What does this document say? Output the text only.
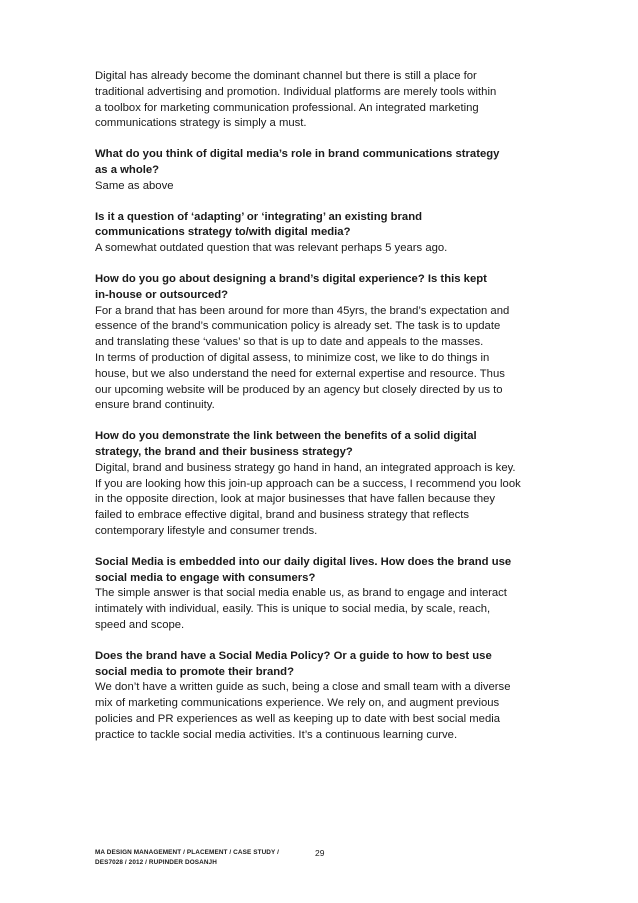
Digital has already become the dominant channel but there is still a place for
traditional advertising and promotion. Individual platforms are merely tools within
a toolbox for marketing communication professional. An integrated marketing
communications strategy is simply a must.
What do you think of digital media’s role in brand communications strategy
as a whole?
Same as above
Is it a question of ‘adapting’ or ‘integrating’ an existing brand
communications strategy to/with digital media?
A somewhat outdated question that was relevant perhaps 5 years ago.
How do you go about designing a brand’s digital experience? Is this kept
in-house or outsourced?
For a brand that has been around for more than 45yrs, the brand’s expectation and
essence of the brand’s communication policy is already set. The task is to update
and translating these ‘values’ so that is up to date and appeals to the masses.
In terms of production of digital assess, to minimize cost, we like to do things in
house, but we also understand the need for external expertise and resource. Thus
our upcoming website will be produced by an agency but closely directed by us to
ensure brand continuity.
How do you demonstrate the link between the benefits of a solid digital
strategy, the brand and their business strategy?
Digital, brand and business strategy go hand in hand, an integrated approach is key.
If you are looking how this join-up approach can be a success, I recommend you look
in the opposite direction, look at major businesses that have fallen because they
failed to embrace effective digital, brand and business strategy that reflects
contemporary lifestyle and consumer trends.
Social Media is embedded into our daily digital lives. How does the brand use
social media to engage with consumers?
The simple answer is that social media enable us, as brand to engage and interact
intimately with individual, easily. This is unique to social media, by scale, reach,
speed and scope.
Does the brand have a Social Media Policy? Or a guide to how to best use
social media to promote their brand?
We don’t have a written guide as such, being a close and small team with a diverse
mix of marketing communications experience. We rely on, and augment previous
policies and PR experiences as well as keeping up to date with best social media
practice to tackle social media activities. It’s a continuous learning curve.
MA DESIGN MANAGEMENT / PLACEMENT / CASE STUDY /
DES7028 / 2012 / RUPINDER DOSANJH
29
